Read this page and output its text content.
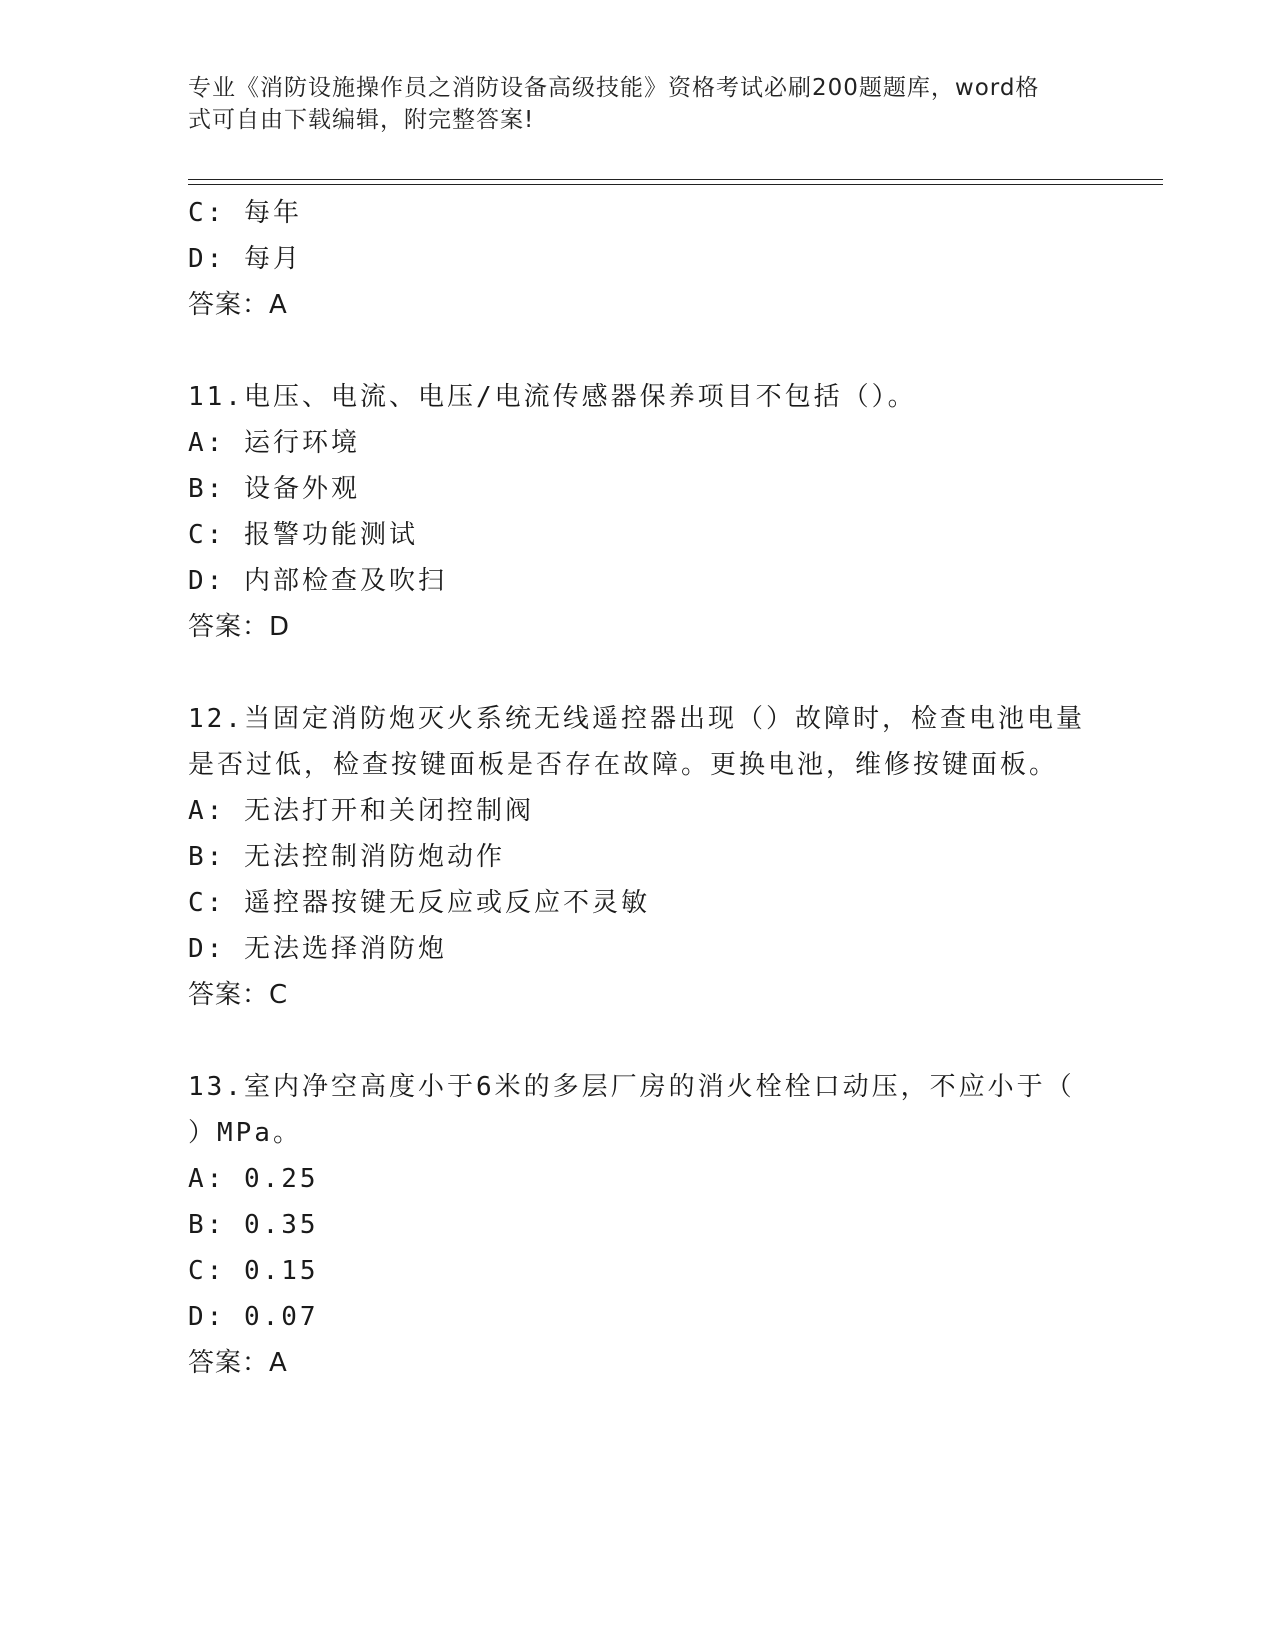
专业《消防设施操作员之消防设备高级技能》资格考试必刷200题题库，word格
式可自由下载编辑，附完整答案!
C: 每年
D: 每月
答案：A
11.电压、电流、电压/电流传感器保养项目不包括（）。
A: 运行环境
B: 设备外观
C: 报警功能测试
D: 内部检查及吹扫
答案：D
12.当固定消防炮灭火系统无线遥控器出现（）故障时，检查电池电量
是否过低，检查按键面板是否存在故障。更换电池，维修按键面板。
A: 无法打开和关闭控制阀
B: 无法控制消防炮动作
C: 遥控器按键无反应或反应不灵敏
D: 无法选择消防炮
答案：C
13.室内净空高度小于6米的多层厂房的消火栓栓口动压，不应小于（
）MPa。
A: 0.25
B: 0.35
C: 0.15
D: 0.07
答案：A
